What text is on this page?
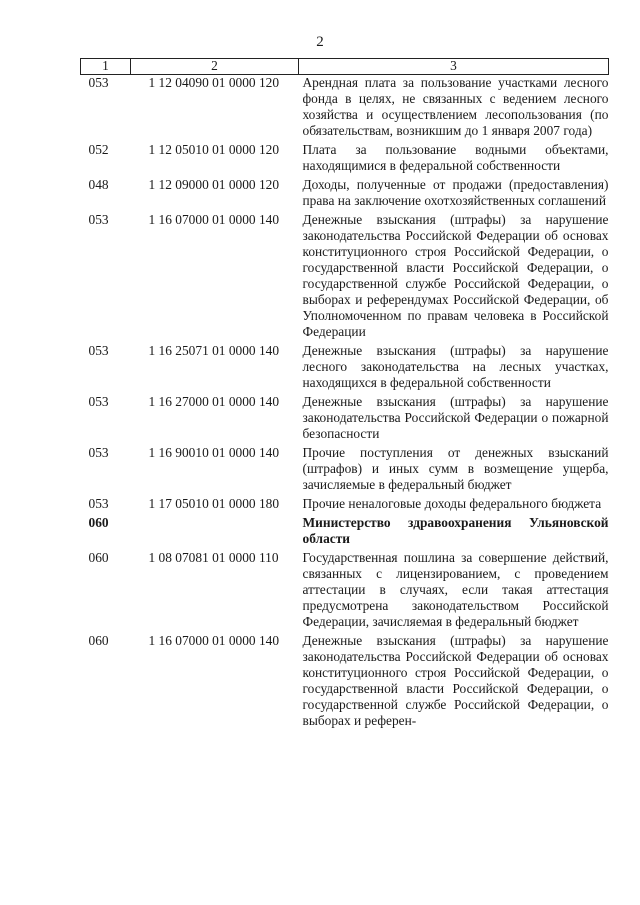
2
1	2	3
053	1 12 04090 01 0000 120	Арендная плата за пользование участками лесного фонда в целях, не связанных с ведением лесного хозяйства и осуществлением лесопользования (по обязательствам, возникшим до 1 января 2007 года)
052	1 12 05010 01 0000 120	Плата за пользование водными объектами, находящимися в федеральной собственности
048	1 12 09000 01 0000 120	Доходы, полученные от продажи (предоставления) права на заключение охотхозяйственных соглашений
053	1 16 07000 01 0000 140	Денежные взыскания (штрафы) за нарушение законодательства Российской Федерации об основах конституционного строя Российской Федерации, о государственной власти Российской Федерации, о государственной службе Российской Федерации, о выборах и референдумах Российской Федерации, об Уполномоченном по правам человека в Российской Федерации
053	1 16 25071 01 0000 140	Денежные взыскания (штрафы) за нарушение лесного законодательства на лесных участках, находящихся в федеральной собственности
053	1 16 27000 01 0000 140	Денежные взыскания (штрафы) за нарушение законодательства Российской Федерации о пожарной безопасности
053	1 16 90010 01 0000 140	Прочие поступления от денежных взысканий (штрафов) и иных сумм в возмещение ущерба, зачисляемые в федеральный бюджет
053	1 17 05010 01 0000 180	Прочие неналоговые доходы федерального бюджета
060		Министерство здравоохранения Ульяновской области
060	1 08 07081 01 0000 110	Государственная пошлина за совершение действий, связанных с лицензированием, с проведением аттестации в случаях, если такая аттестация предусмотрена законодательством Российской Федерации, зачисляемая в федеральный бюджет
060	1 16 07000 01 0000 140	Денежные взыскания (штрафы) за нарушение законодательства Российской Федерации об основах конституционного строя Российской Федерации, о государственной власти Российской Федерации, о государственной службе Российской Федерации, о выборах и референ-
